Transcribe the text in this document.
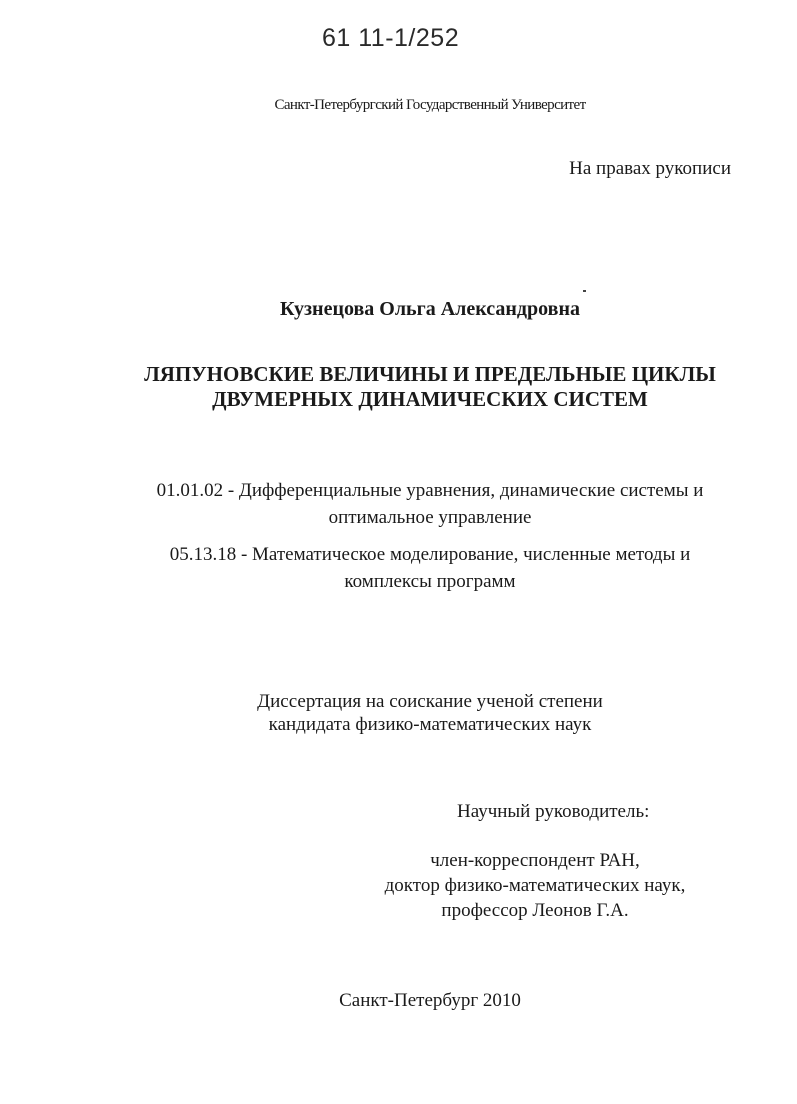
61 11-1/252
Санкт-Петербургский Государственный Университет
На правах рукописи
Кузнецова Ольга Александровна
ЛЯПУНОВСКИЕ ВЕЛИЧИНЫ И ПРЕДЕЛЬНЫЕ ЦИКЛЫ
ДВУМЕРНЫХ ДИНАМИЧЕСКИХ СИСТЕМ
01.01.02 - Дифференциальные уравнения, динамические системы и
оптимальное управление
05.13.18 - Математическое моделирование, численные методы и
комплексы программ
Диссертация на соискание ученой степени
кандидата физико-математических наук
Научный руководитель:
член-корреспондент РАН,
доктор физико-математических наук,
профессор Леонов Г.А.
Санкт-Петербург 2010
